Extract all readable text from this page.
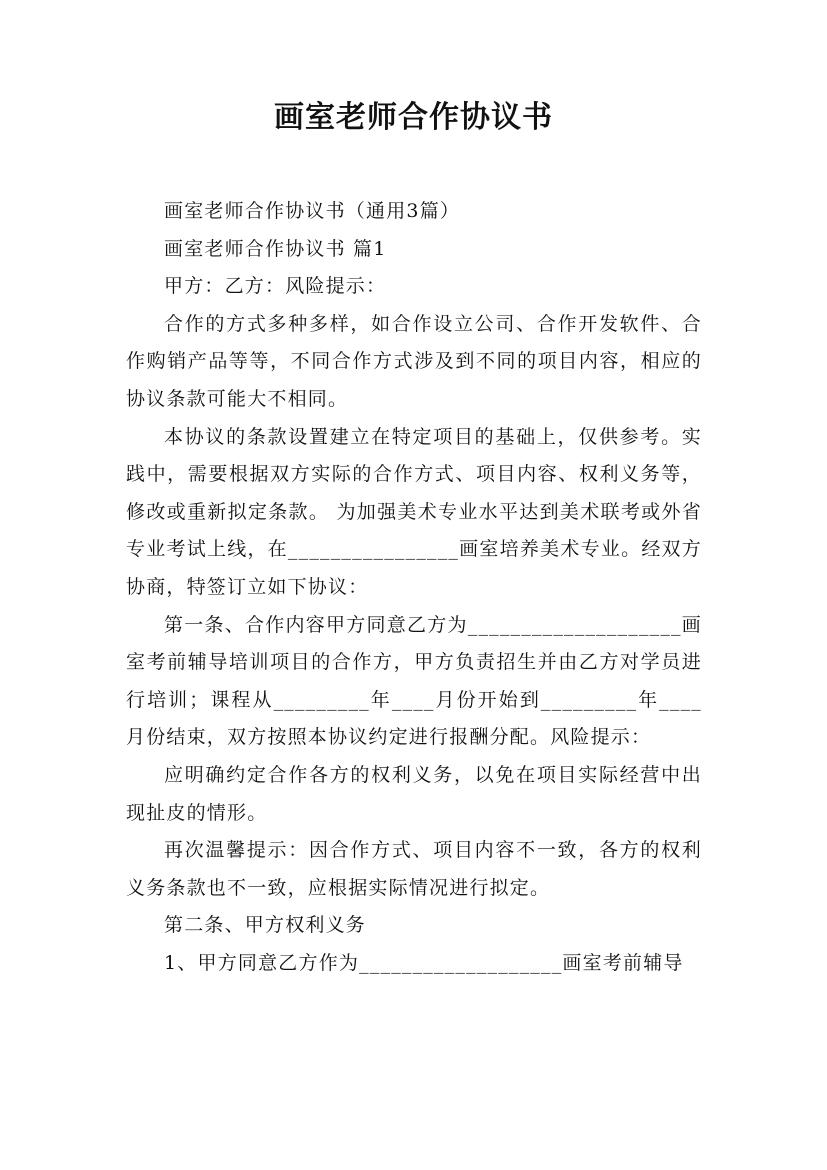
画室老师合作协议书

画室老师合作协议书（通用3篇）

画室老师合作协议书 篇1

甲方：乙方：风险提示：

合作的方式多种多样，如合作设立公司、合作开发软件、合作购销产品等等，不同合作方式涉及到不同的项目内容，相应的协议条款可能大不相同。

本协议的条款设置建立在特定项目的基础上，仅供参考。实践中，需要根据双方实际的合作方式、项目内容、权利义务等，修改或重新拟定条款。 为加强美术专业水平达到美术联考或外省专业考试上线，在________________画室培养美术专业。经双方协商，特签订立如下协议：

第一条、合作内容甲方同意乙方为____________________画室考前辅导培训项目的合作方，甲方负责招生并由乙方对学员进行培训；课程从_________年____月份开始到_________年____月份结束，双方按照本协议约定进行报酬分配。风险提示：

应明确约定合作各方的权利义务，以免在项目实际经营中出现扯皮的情形。

再次温馨提示：因合作方式、项目内容不一致，各方的权利义务条款也不一致，应根据实际情况进行拟定。

第二条、甲方权利义务

1、甲方同意乙方作为___________________画室考前辅导
